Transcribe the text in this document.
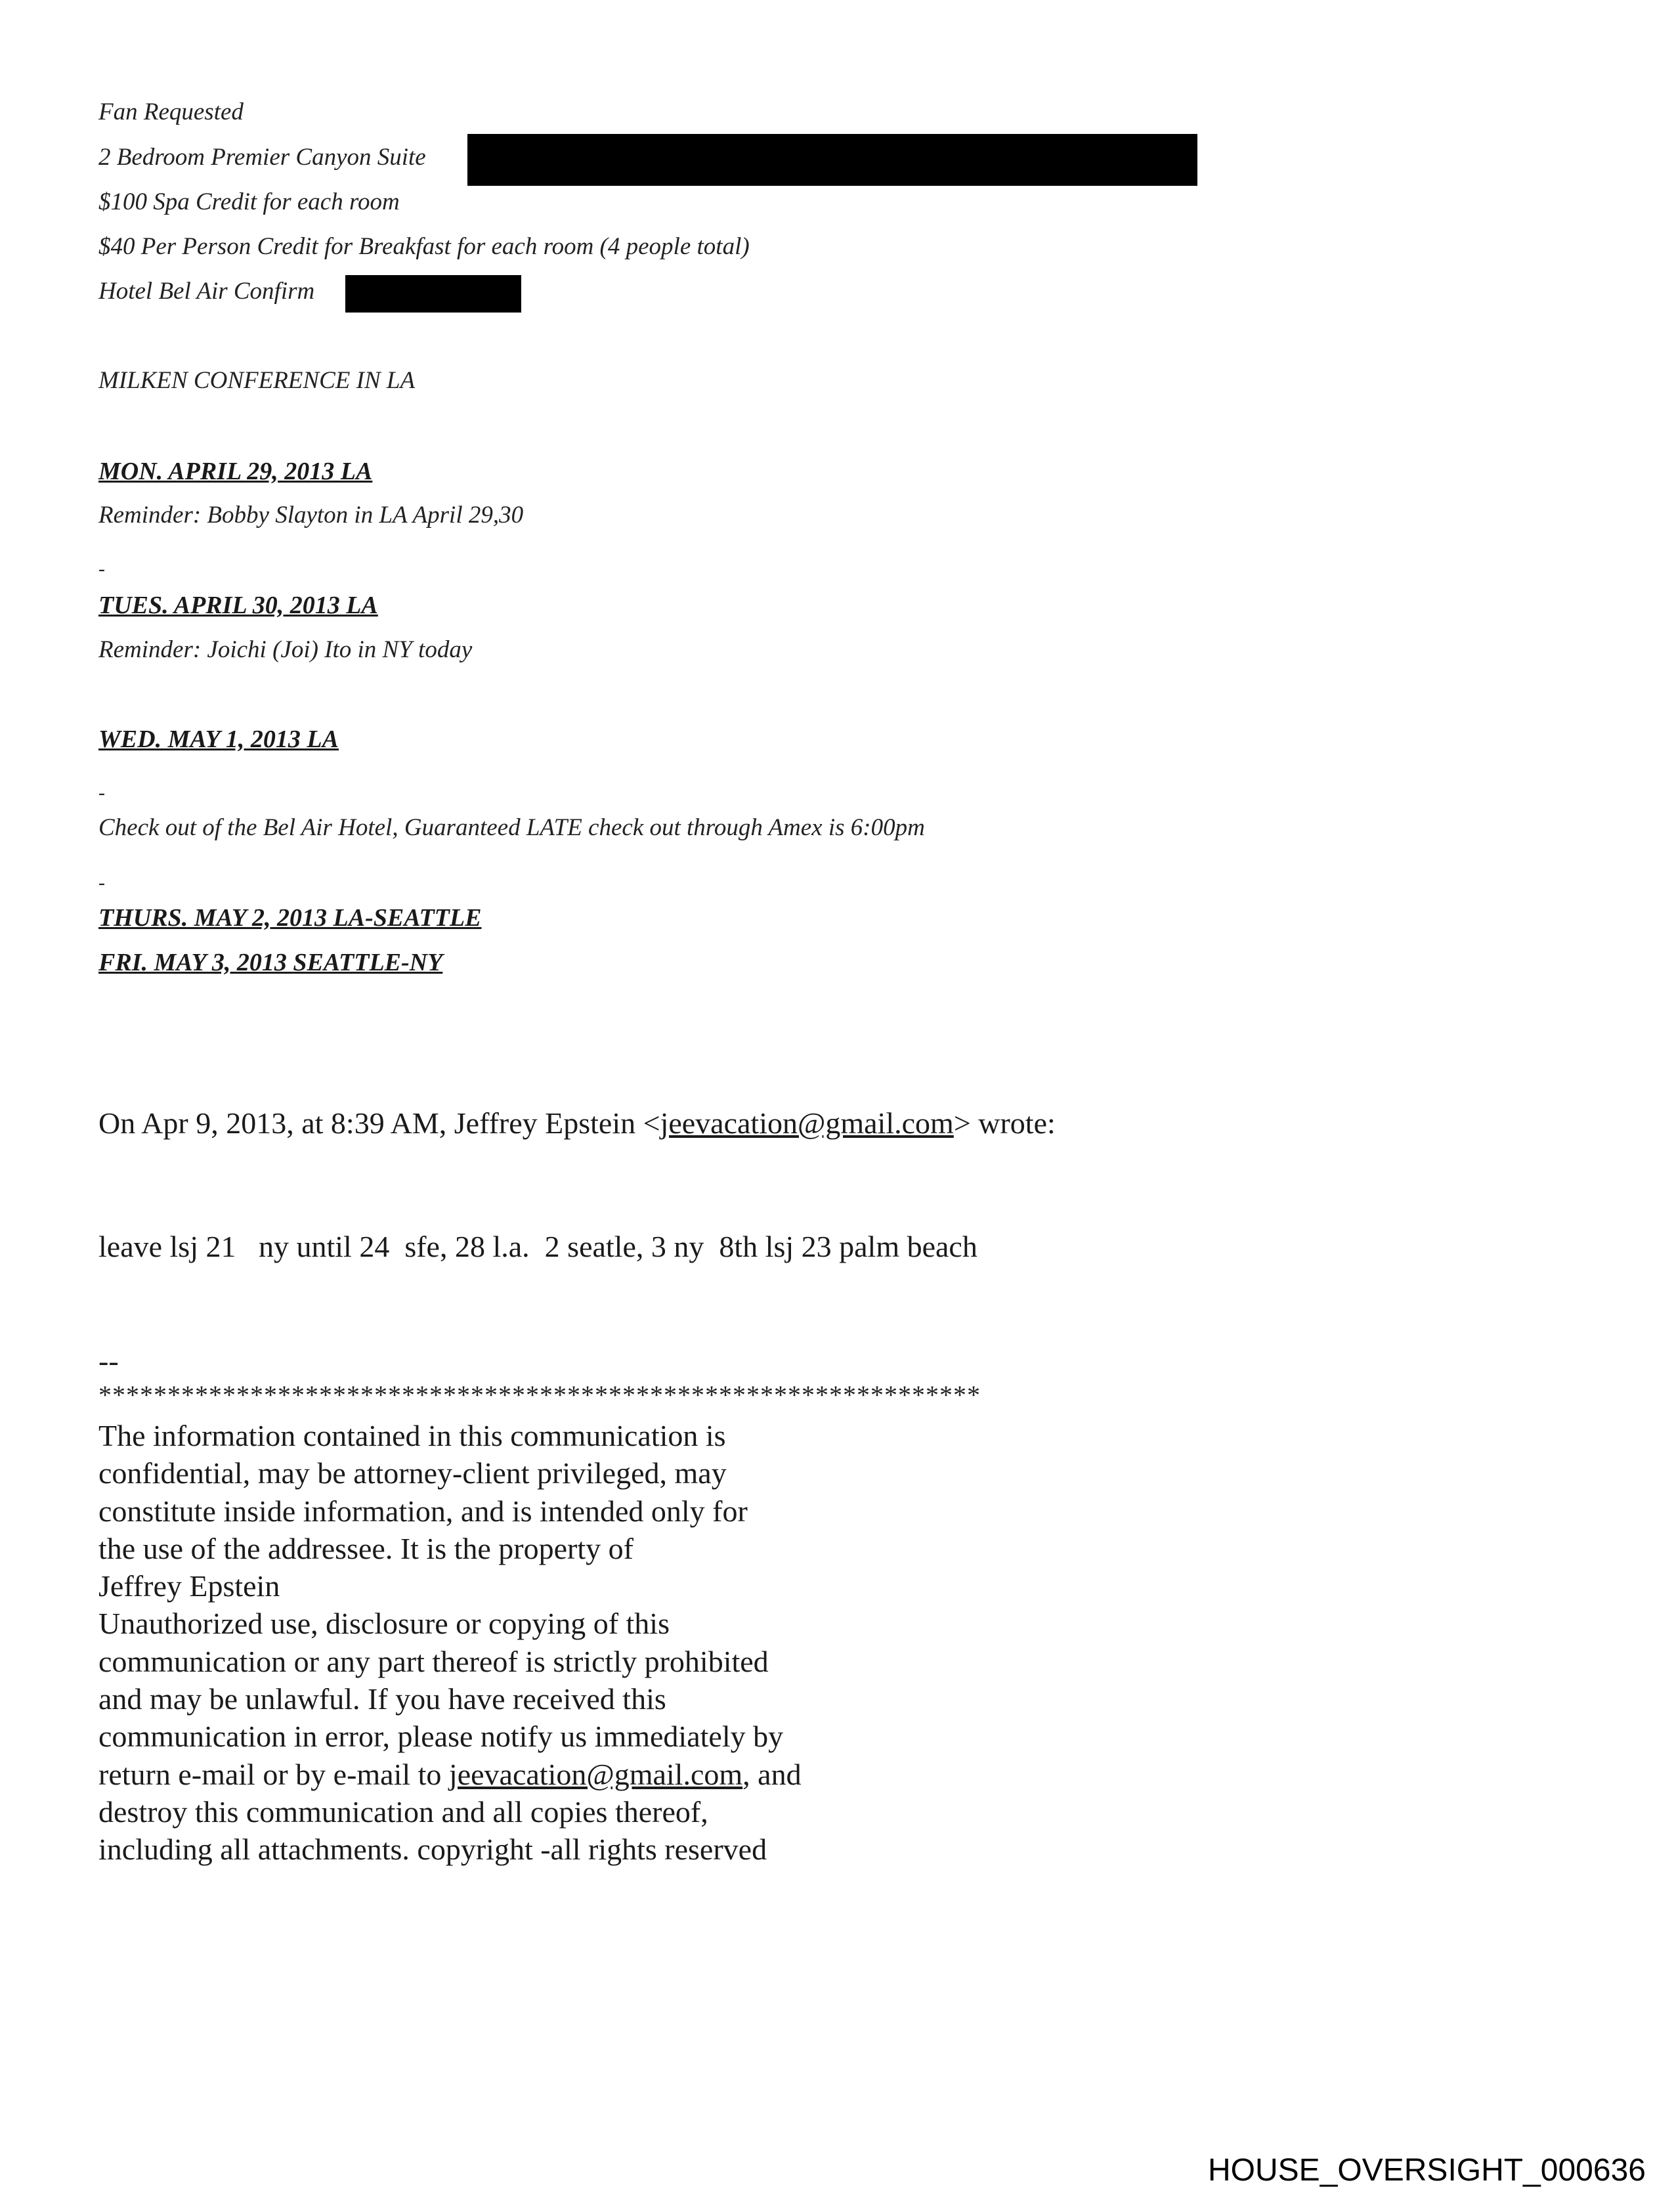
Fan Requested
2 Bedroom Premier Canyon Suite
$100 Spa Credit for each room
$40 Per Person Credit for Breakfast for each room (4 people total)
Hotel Bel Air Confirm
MILKEN CONFERENCE IN LA
MON. APRIL 29, 2013 LA
Reminder: Bobby Slayton in LA April 29,30
-
TUES. APRIL 30, 2013 LA
Reminder: Joichi (Joi) Ito in NY today
WED. MAY 1, 2013 LA
-
Check out of the Bel Air Hotel, Guaranteed LATE check out through Amex is 6:00pm
-
THURS. MAY 2, 2013 LA-SEATTLE
FRI. MAY 3, 2013 SEATTLE-NY
On Apr 9, 2013, at 8:39 AM, Jeffrey Epstein <jeevacation@gmail.com> wrote:
leave lsj 21   ny until 24  sfe, 28 l.a.  2 seatle, 3 ny  8th lsj 23 palm beach
--
****************************************************************
The information contained in this communication is
confidential, may be attorney-client privileged, may
constitute inside information, and is intended only for
the use of the addressee. It is the property of
Jeffrey Epstein
Unauthorized use, disclosure or copying of this
communication or any part thereof is strictly prohibited
and may be unlawful. If you have received this
communication in error, please notify us immediately by
return e-mail or by e-mail to jeevacation@gmail.com, and
destroy this communication and all copies thereof,
including all attachments. copyright -all rights reserved
HOUSE_OVERSIGHT_000636
